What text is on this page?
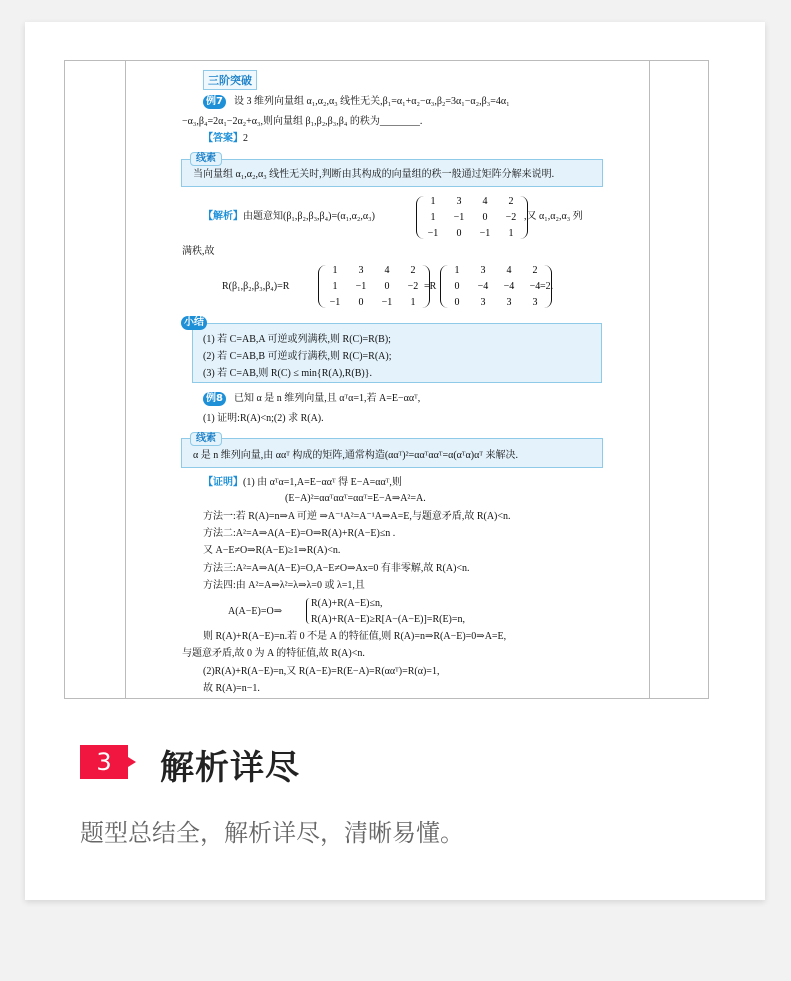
三阶突破
例7	设 3 维列向量组 α₁,α₂,α₃ 线性无关,β₁=α₁+α₂−α₃,β₂=3α₁−α₂,β₃=4α₁
−α₃,β₄=2α₁−2α₂+α₃,则向量组 β₁,β₂,β₃,β₄ 的秩为________.
【答案】2
线索
当向量组 α₁,α₂,α₃ 线性无关时,判断由其构成的向量组的秩一般通过矩阵分解来说明.
【解析】由题意知(β₁,β₂,β₃,β₄)=(α₁,α₂,α₃)
1	3	4	2
1	−1	0	−2
−1	0	−1	1
,又 α₁,α₂,α₃ 列
满秩,故
R(β₁,β₂,β₃,β₄)=R
1	3	4	2
1	−1	0	−2
−1	0	−1	1
=R
1	3	4	2
0	−4	−4	−4
0	3	3	3
=2.
小结
(1) 若 C=AB,A 可逆或列满秩,则 R(C)=R(B);
(2) 若 C=AB,B 可逆或行满秩,则 R(C)=R(A);
(3) 若 C=AB,则 R(C) ≤ min{R(A),R(B)}.
例8	已知 α 是 n 维列向量,且 αᵀα=1,若 A=E−ααᵀ,
(1) 证明:R(A)<n;(2) 求 R(A).
线索
α 是 n 维列向量,由 ααᵀ 构成的矩阵,通常构造(ααᵀ)²=ααᵀααᵀ=α(αᵀα)αᵀ 来解决.
【证明】(1) 由 αᵀα=1,A=E−ααᵀ 得 E−A=ααᵀ,则
(E−A)²=ααᵀααᵀ=ααᵀ=E−A⇒A²=A.
方法一:若 R(A)=n⇒A 可逆 ⇒A⁻¹A²=A⁻¹A⇒A=E,与题意矛盾,故 R(A)<n.
方法二:A²=A⇒A(A−E)=O⇒R(A)+R(A−E)≤n .
又 A−E≠O⇒R(A−E)≥1⇒R(A)<n.
方法三:A²=A⇒A(A−E)=O,A−E≠O⇒Ax=0 有非零解,故 R(A)<n.
方法四:由 A²=A⇒λ²=λ⇒λ=0 或 λ=1,且
A(A−E)=O⇒
R(A)+R(A−E)≤n,
R(A)+R(A−E)≥R[A−(A−E)]=R(E)=n,
则 R(A)+R(A−E)=n.若 0 不是 A 的特征值,则 R(A)=n⇒R(A−E)=0⇒A=E,
与题意矛盾,故 0 为 A 的特征值,故 R(A)<n.
(2)R(A)+R(A−E)=n,又 R(A−E)=R(E−A)=R(ααᵀ)=R(α)=1,
故 R(A)=n−1.
3	解析详尽
题型总结全，解析详尽，清晰易懂。
